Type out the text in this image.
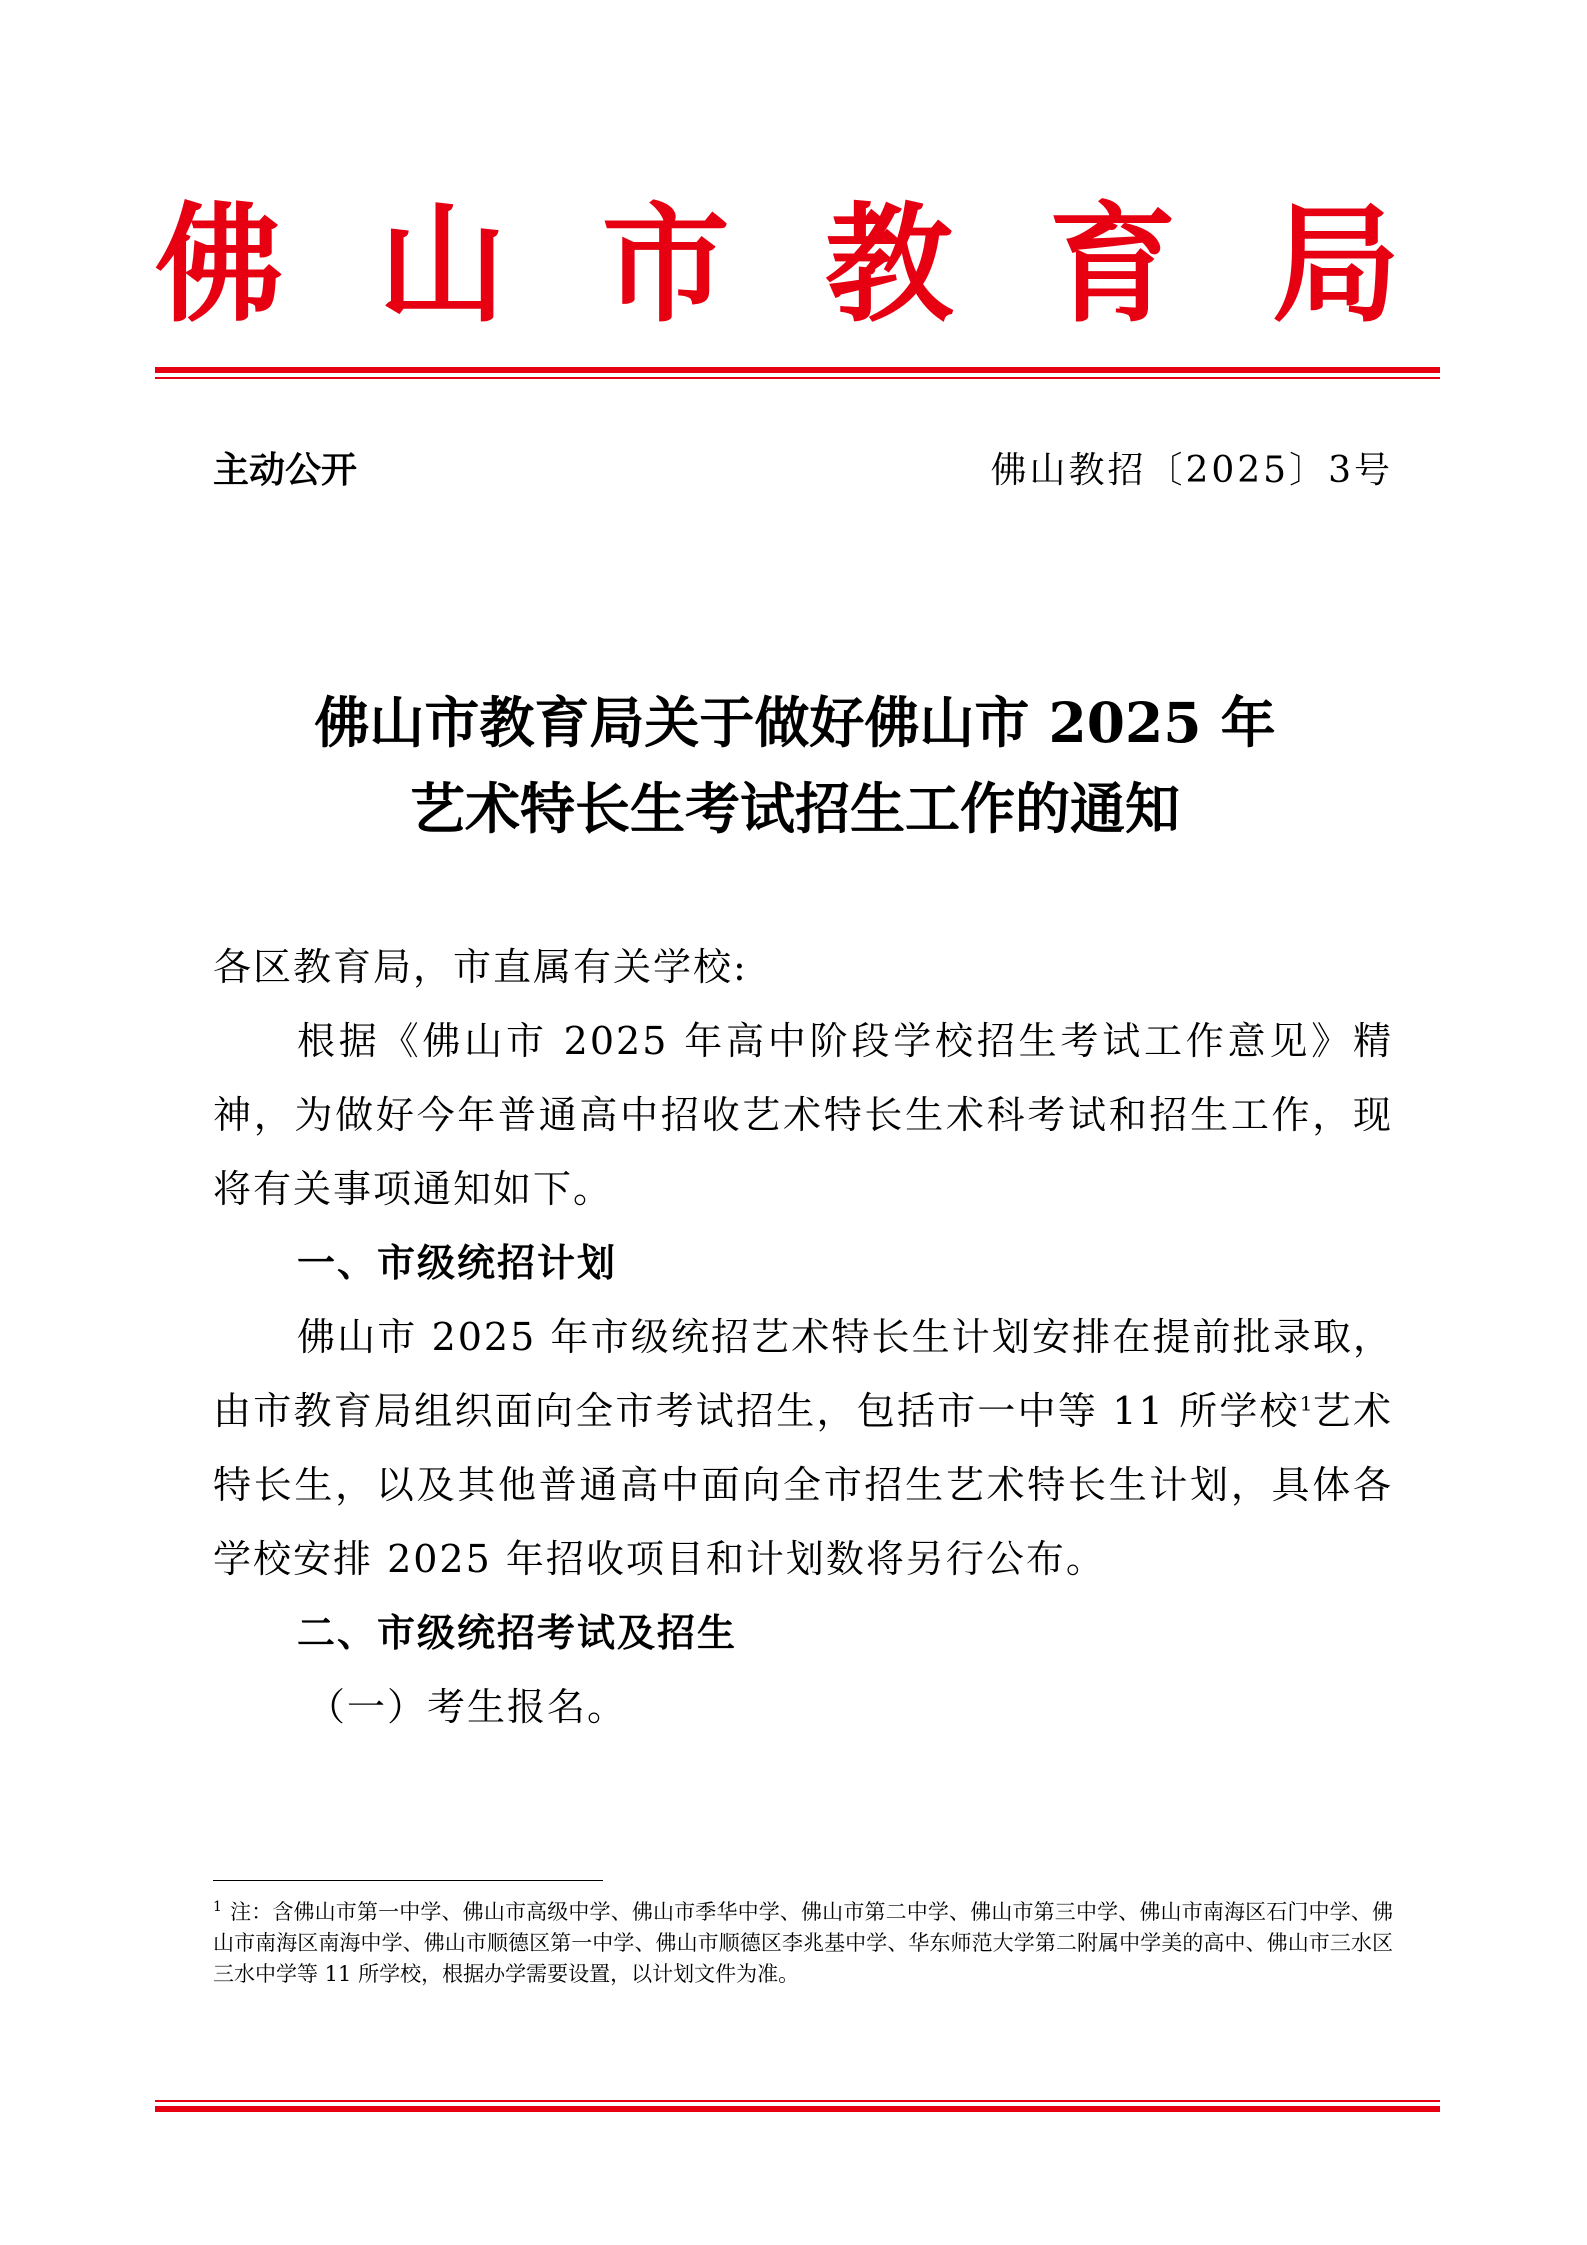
佛 山 市 教 育 局
主动公开	佛山教招〔2025〕3号
佛山市教育局关于做好佛山市 2025 年
艺术特长生考试招生工作的通知

各区教育局，市直属有关学校:

根据《佛山市 2025 年高中阶段学校招生考试工作意见》精神，为做好今年普通高中招收艺术特长生术科考试和招生工作，现将有关事项通知如下。

一、市级统招计划

佛山市 2025 年市级统招艺术特长生计划安排在提前批录取，由市教育局组织面向全市考试招生，包括市一中等 11 所学校$^1$艺术特长生，以及其他普通高中面向全市招生艺术特长生计划，具体各学校安排 2025 年招收项目和计划数将另行公布。

二、市级统招考试及招生

（一）考生报名。

$^1$ 注：含佛山市第一中学、佛山市高级中学、佛山市季华中学、佛山市第二中学、佛山市第三中学、佛山市南海区石门中学、佛山市南海区南海中学、佛山市顺德区第一中学、佛山市顺德区李兆基中学、华东师范大学第二附属中学美的高中、佛山市三水区三水中学等 11 所学校，根据办学需要设置，以计划文件为准。
